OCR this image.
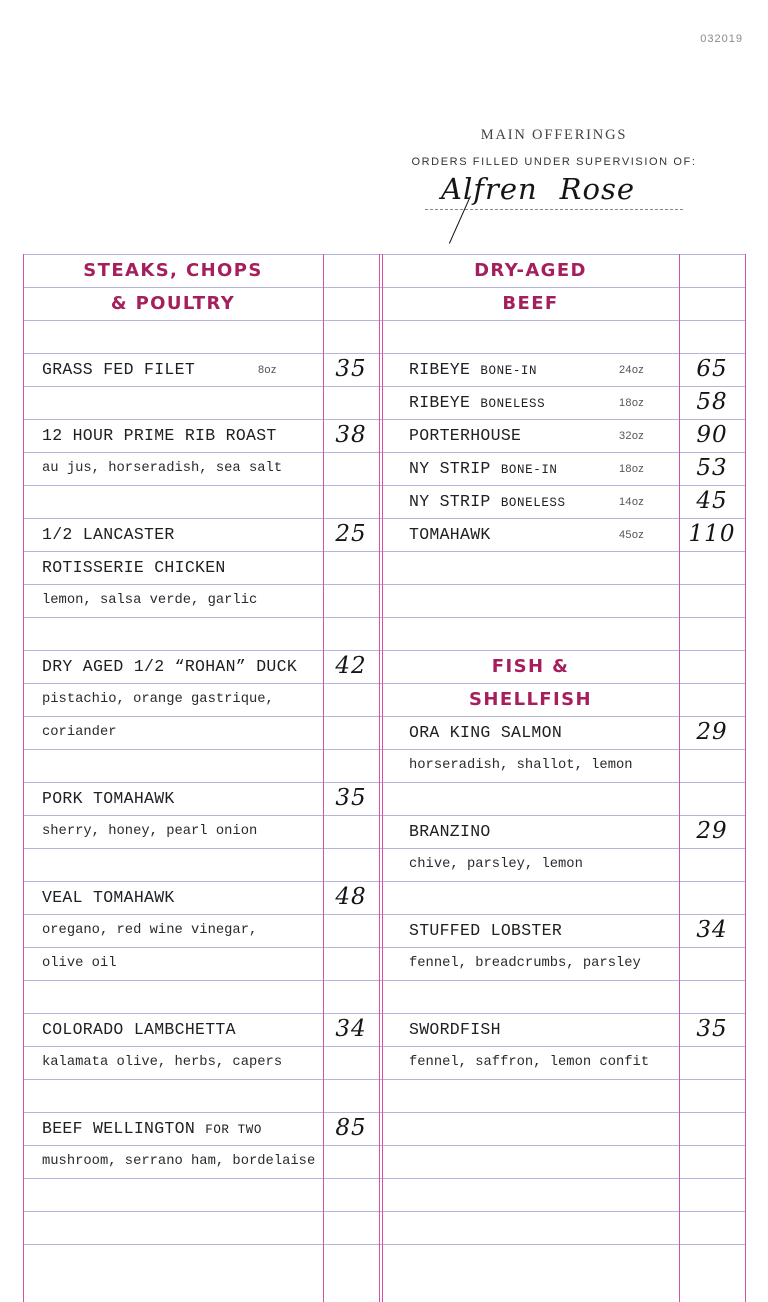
032019
MAIN OFFERINGS
ORDERS FILLED UNDER SUPERVISION OF:
Alfren Rose
STEAKS, CHOPS
& POULTRY
GRASS FED FILET	8oz	35
12 HOUR PRIME RIB ROAST	38
au jus, horseradish, sea salt
1/2 LANCASTER	25
ROTISSERIE CHICKEN
lemon, salsa verde, garlic
DRY AGED 1/2 “ROHAN” DUCK	42
pistachio, orange gastrique,
coriander
PORK TOMAHAWK	35
sherry, honey, pearl onion
VEAL TOMAHAWK	48
oregano, red wine vinegar,
olive oil
COLORADO LAMBCHETTA	34
kalamata olive, herbs, capers
BEEF WELLINGTON FOR TWO	85
mushroom, serrano ham, bordelaise
DRY-AGED
BEEF
RIBEYE BONE-IN	24oz	65
RIBEYE BONELESS	18oz	58
PORTERHOUSE	32oz	90
NY STRIP BONE-IN	18oz	53
NY STRIP BONELESS	14oz	45
TOMAHAWK	45oz	110
FISH &
SHELLFISH
ORA KING SALMON	29
horseradish, shallot, lemon
BRANZINO	29
chive, parsley, lemon
STUFFED LOBSTER	34
fennel, breadcrumbs, parsley
SWORDFISH	35
fennel, saffron, lemon confit
